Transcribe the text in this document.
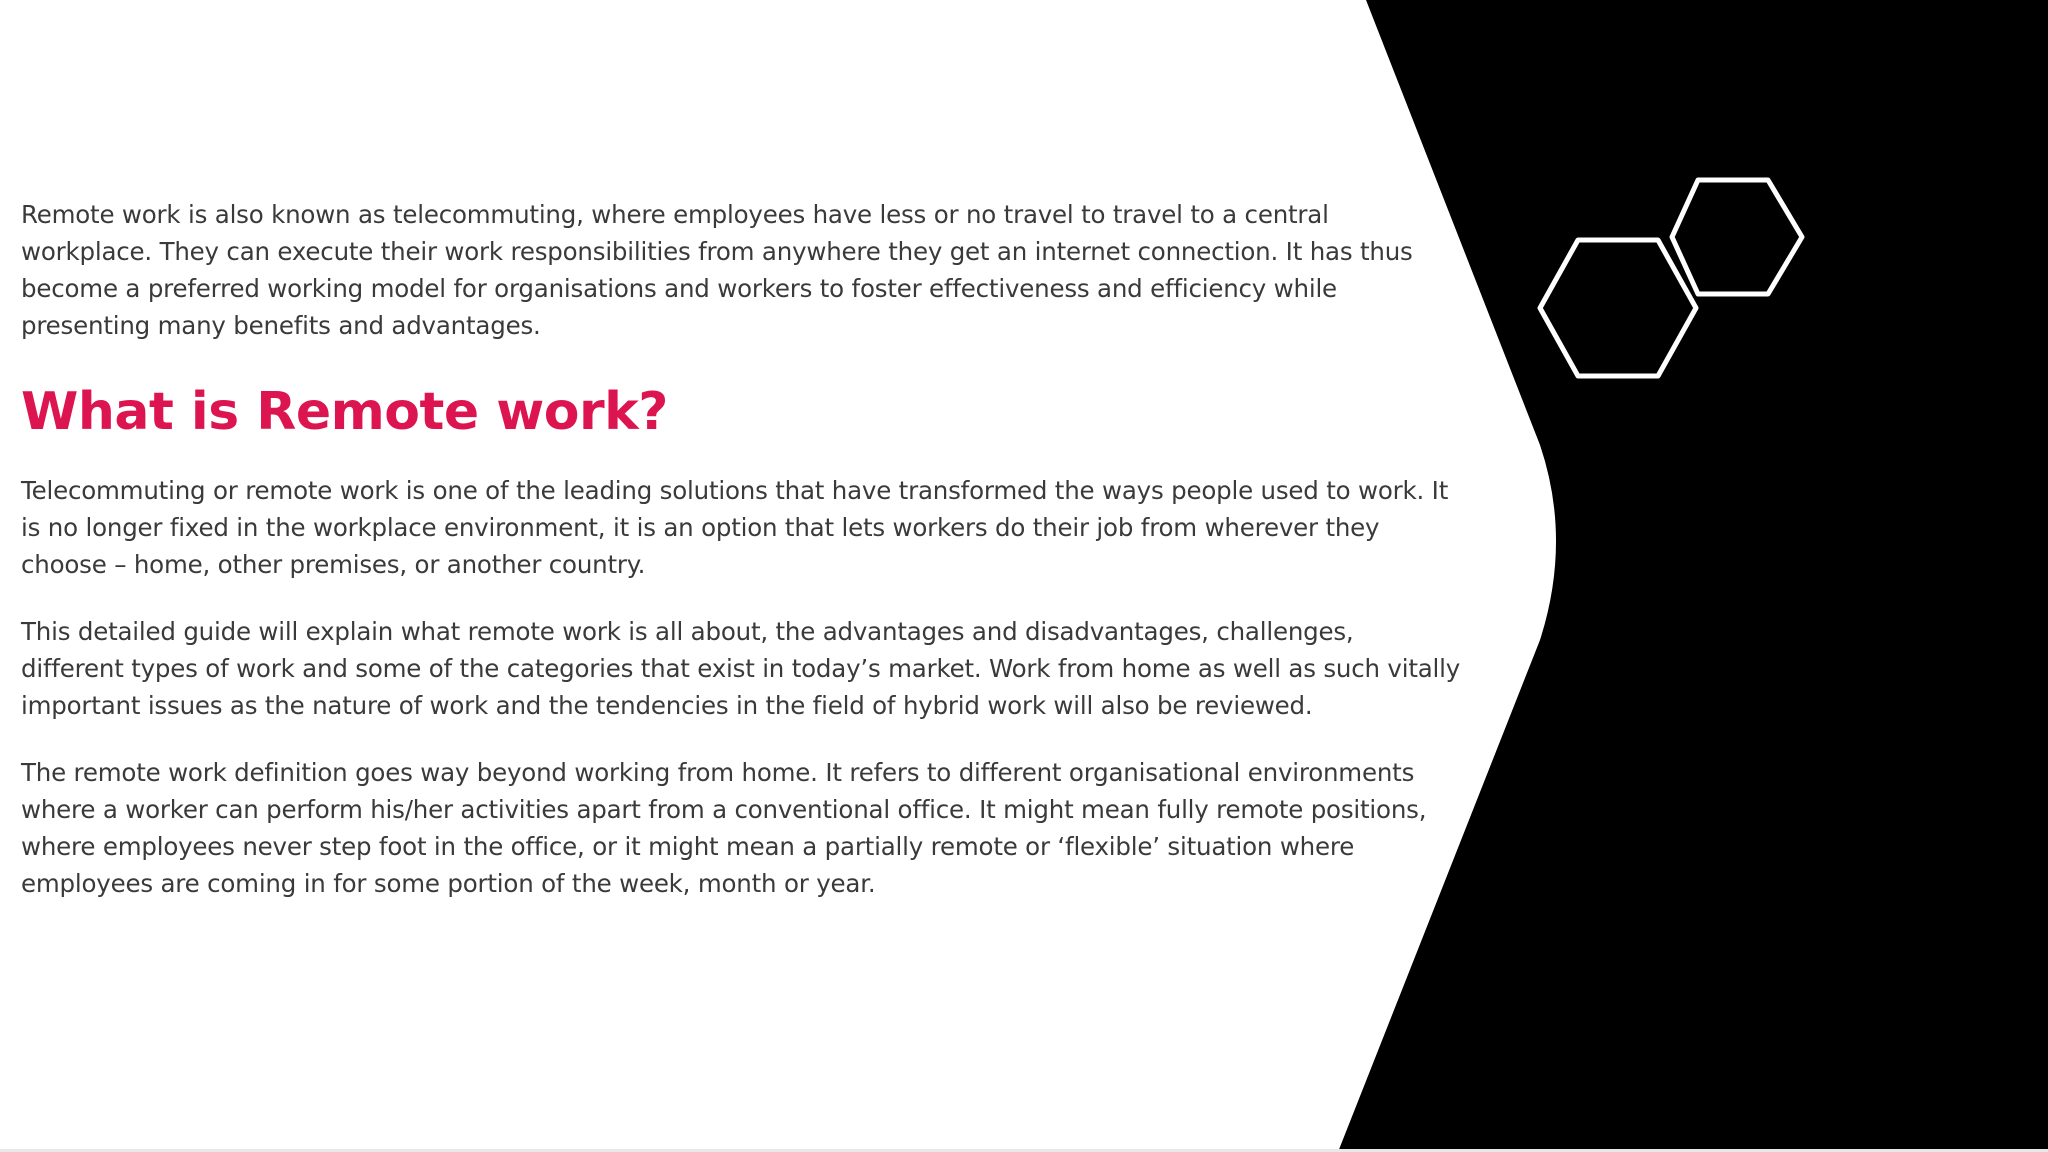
Remote work is also known as telecommuting, where employees have less or no travel to travel to a central workplace. They can execute their work responsibilities from anywhere they get an internet connection. It has thus become a preferred working model for organisations and workers to foster effectiveness and efficiency while presenting many benefits and advantages.

What is Remote work?

Telecommuting or remote work is one of the leading solutions that have transformed the ways people used to work. It is no longer fixed in the workplace environment, it is an option that lets workers do their job from wherever they choose – home, other premises, or another country.

This detailed guide will explain what remote work is all about, the advantages and disadvantages, challenges, different types of work and some of the categories that exist in today’s market. Work from home as well as such vitally important issues as the nature of work and the tendencies in the field of hybrid work will also be reviewed.

The remote work definition goes way beyond working from home. It refers to different organisational environments where a worker can perform his/her activities apart from a conventional office. It might mean fully remote positions, where employees never step foot in the office, or it might mean a partially remote or ‘flexible’ situation where employees are coming in for some portion of the week, month or year.
